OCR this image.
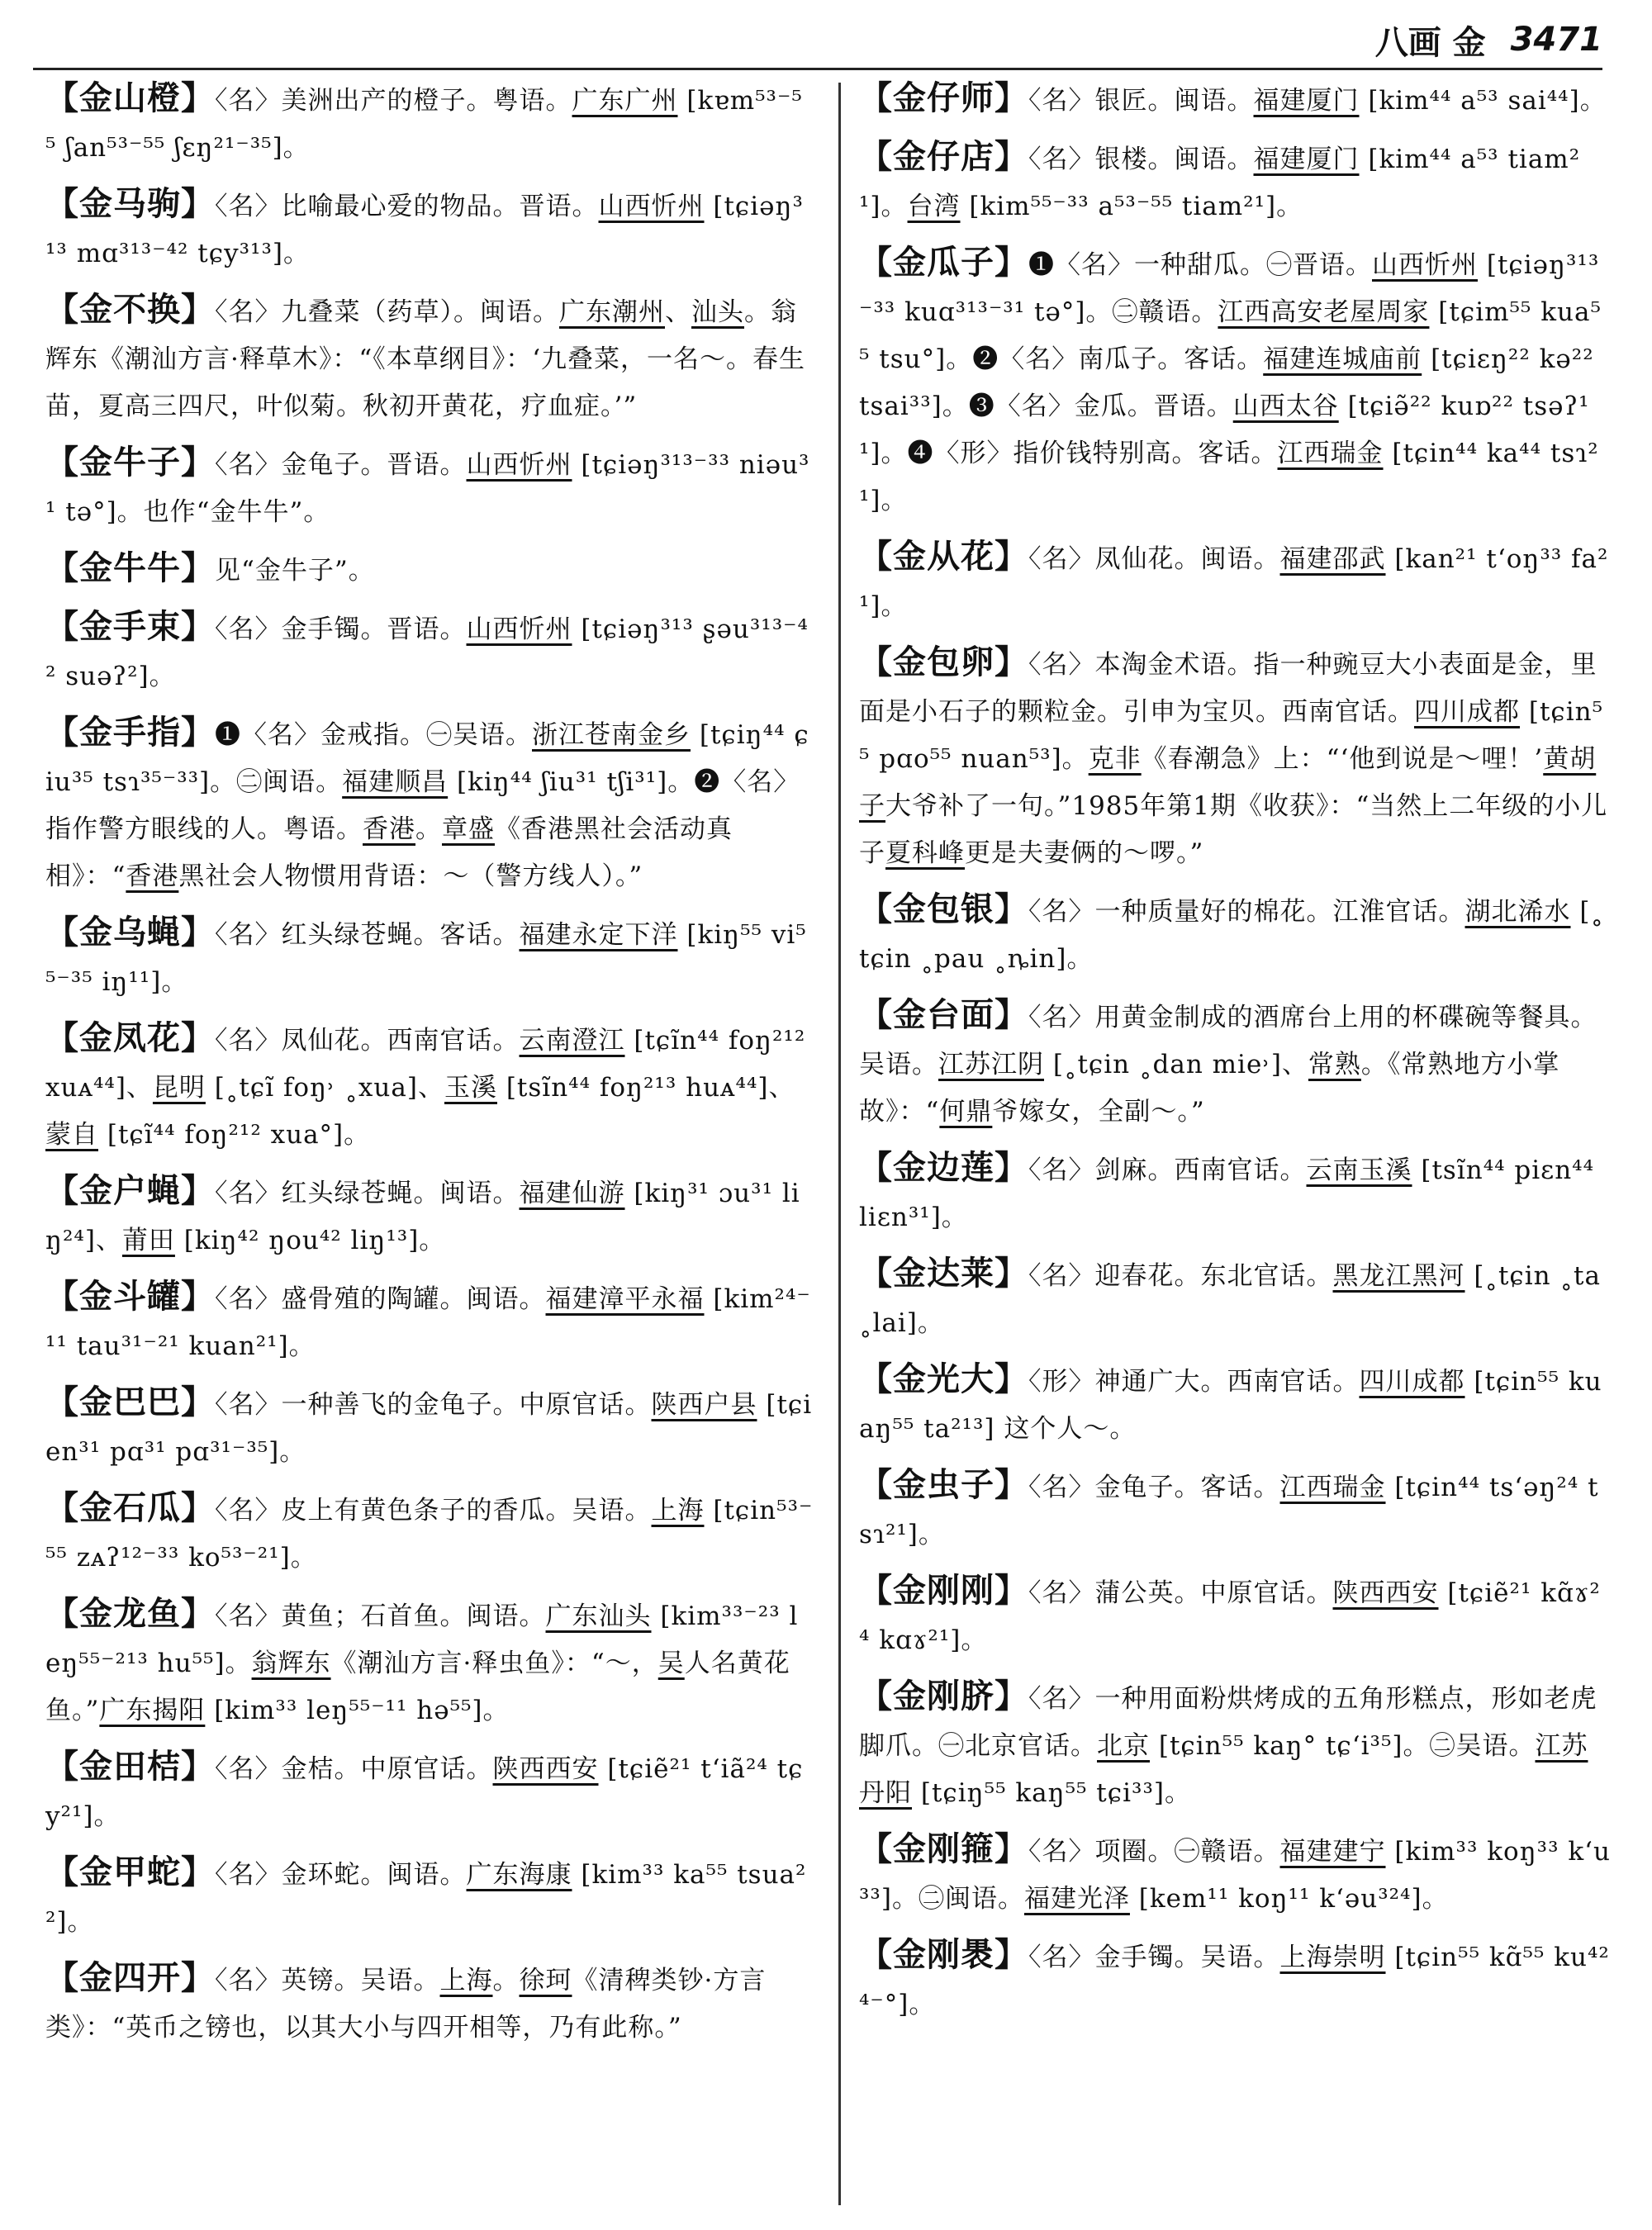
八画 金 3471
【金山橙】〈名〉美洲出产的橙子。粤语。广东广州 [kɐm⁵³⁻⁵⁵ ʃan⁵³⁻⁵⁵ ʃɛŋ²¹⁻³⁵]。
【金马驹】〈名〉比喻最心爱的物品。晋语。山西忻州 [tɕiəŋ³¹³ mɑ³¹³⁻⁴² tɕy³¹³]。
【金不换】〈名〉九叠菜（药草）。闽语。广东潮州、汕头。翁辉东《潮汕方言·释草木》：“《本草纲目》：‘九叠菜，一名～。春生苗，夏高三四尺，叶似菊。秋初开黄花，疗血症。’”
【金牛子】〈名〉金龟子。晋语。山西忻州 [tɕiəŋ³¹³⁻³³ niəu³¹ tə°]。也作“金牛牛”。
【金牛牛】见“金牛子”。
【金手束】〈名〉金手镯。晋语。山西忻州 [tɕiəŋ³¹³ ʂəu³¹³⁻⁴² suəʔ²]。
【金手指】❶〈名〉金戒指。㊀吴语。浙江苍南金乡 [tɕiŋ⁴⁴ ɕiu³⁵ tsɿ³⁵⁻³³]。㊁闽语。福建顺昌 [kiŋ⁴⁴ ʃiu³¹ tʃi³¹]。❷〈名〉指作警方眼线的人。粤语。香港。章盛《香港黑社会活动真相》：“香港黑社会人物惯用背语：～（警方线人）。”
【金乌蝇】〈名〉红头绿苍蝇。客话。福建永定下洋 [kiŋ⁵⁵ vi⁵⁵⁻³⁵ iŋ¹¹]。
【金凤花】〈名〉凤仙花。西南官话。云南澄江 [tɕĩn⁴⁴ foŋ²¹² xuᴀ⁴⁴]、昆明 [˳tɕĩ foŋ˒ ˳xua]、玉溪 [tsĩn⁴⁴ foŋ²¹³ huᴀ⁴⁴]、蒙自 [tɕĩ⁴⁴ foŋ²¹² xua°]。
【金户蝇】〈名〉红头绿苍蝇。闽语。福建仙游 [kiŋ³¹ ɔu³¹ liŋ²⁴]、莆田 [kiŋ⁴² ŋou⁴² liŋ¹³]。
【金斗罐】〈名〉盛骨殖的陶罐。闽语。福建漳平永福 [kim²⁴⁻¹¹ tau³¹⁻²¹ kuan²¹]。
【金巴巴】〈名〉一种善飞的金龟子。中原官话。陕西户县 [tɕien³¹ pɑ³¹ pɑ³¹⁻³⁵]。
【金石瓜】〈名〉皮上有黄色条子的香瓜。吴语。上海 [tɕin⁵³⁻⁵⁵ zᴀʔ¹²⁻³³ ko⁵³⁻²¹]。
【金龙鱼】〈名〉黄鱼；石首鱼。闽语。广东汕头 [kim³³⁻²³ leŋ⁵⁵⁻²¹³ hu⁵⁵]。翁辉东《潮汕方言·释虫鱼》：“～，吴人名黄花鱼。”广东揭阳 [kim³³ leŋ⁵⁵⁻¹¹ hə⁵⁵]。
【金田桔】〈名〉金桔。中原官话。陕西西安 [tɕiẽ²¹ tʻiã²⁴ tɕy²¹]。
【金甲蛇】〈名〉金环蛇。闽语。广东海康 [kim³³ ka⁵⁵ tsua²²]。
【金四开】〈名〉英镑。吴语。上海。徐珂《清稗类钞·方言类》：“英币之镑也，以其大小与四开相等，乃有此称。”
【金仔师】〈名〉银匠。闽语。福建厦门 [kim⁴⁴ a⁵³ sai⁴⁴]。
【金仔店】〈名〉银楼。闽语。福建厦门 [kim⁴⁴ a⁵³ tiam²¹]。台湾 [kim⁵⁵⁻³³ a⁵³⁻⁵⁵ tiam²¹]。
【金瓜子】❶〈名〉一种甜瓜。㊀晋语。山西忻州 [tɕiəŋ³¹³⁻³³ kuɑ³¹³⁻³¹ tə°]。㊁赣语。江西高安老屋周家 [tɕim⁵⁵ kua⁵⁵ tsu°]。❷〈名〉南瓜子。客话。福建连城庙前 [tɕiɛŋ²² kə²² tsai³³]。❸〈名〉金瓜。晋语。山西太谷 [tɕiə̃²² kuɒ²² tsəʔ¹¹]。❹〈形〉指价钱特别高。客话。江西瑞金 [tɕin⁴⁴ ka⁴⁴ tsɿ²¹]。
【金从花】〈名〉凤仙花。闽语。福建邵武 [kan²¹ tʻoŋ³³ fa²¹]。
【金包卵】〈名〉本淘金术语。指一种豌豆大小表面是金，里面是小石子的颗粒金。引申为宝贝。西南官话。四川成都 [tɕin⁵⁵ pɑo⁵⁵ nuan⁵³]。克非《春潮急》上：“‘他到说是～哩！’黄胡子大爷补了一句。”1985年第1期《收获》：“当然上二年级的小儿子夏科峰更是夫妻俩的～啰。”
【金包银】〈名〉一种质量好的棉花。江淮官话。湖北浠水 [˳tɕin ˳pau ˳ȵin]。
【金台面】〈名〉用黄金制成的酒席台上用的杯碟碗等餐具。吴语。江苏江阴 [˳tɕin ˳dan mie˒]、常熟。《常熟地方小掌故》：“何鼎爷嫁女，全副～。”
【金边莲】〈名〉剑麻。西南官话。云南玉溪 [tsĩn⁴⁴ piɛn⁴⁴ liɛn³¹]。
【金达莱】〈名〉迎春花。东北官话。黑龙江黑河 [˳tɕin ˳ta ˳lai]。
【金光大】〈形〉神通广大。西南官话。四川成都 [tɕin⁵⁵ kuaŋ⁵⁵ ta²¹³] 这个人～。
【金虫子】〈名〉金龟子。客话。江西瑞金 [tɕin⁴⁴ tsʻəŋ²⁴ tsɿ²¹]。
【金刚刚】〈名〉蒲公英。中原官话。陕西西安 [tɕiẽ²¹ kɑ̃ɤ²⁴ kɑɤ²¹]。
【金刚脐】〈名〉一种用面粉烘烤成的五角形糕点，形如老虎脚爪。㊀北京官话。北京 [tɕin⁵⁵ kaŋ° tɕʻi³⁵]。㊁吴语。江苏丹阳 [tɕiŋ⁵⁵ kaŋ⁵⁵ tɕi³³]。
【金刚箍】〈名〉项圈。㊀赣语。福建建宁 [kim³³ koŋ³³ kʻu³³]。㊁闽语。福建光泽 [kem¹¹ koŋ¹¹ kʻəu³²⁴]。
【金刚褁】〈名〉金手镯。吴语。上海崇明 [tɕin⁵⁵ kɑ̃⁵⁵ ku⁴²⁴⁻°]。
